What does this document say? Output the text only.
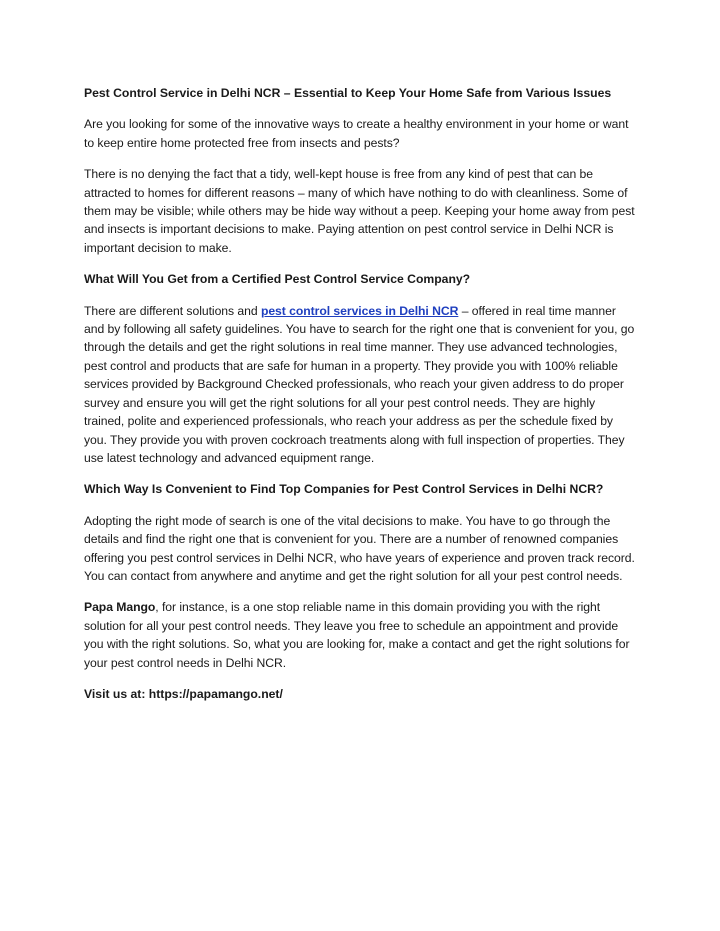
Pest Control Service in Delhi NCR – Essential to Keep Your Home Safe from Various Issues

Are you looking for some of the innovative ways to create a healthy environment in your home or want to keep entire home protected free from insects and pests?

There is no denying the fact that a tidy, well-kept house is free from any kind of pest that can be attracted to homes for different reasons – many of which have nothing to do with cleanliness. Some of them may be visible; while others may be hide way without a peep. Keeping your home away from pest and insects is important decisions to make. Paying attention on pest control service in Delhi NCR is important decision to make.

What Will You Get from a Certified Pest Control Service Company?

There are different solutions and pest control services in Delhi NCR – offered in real time manner and by following all safety guidelines. You have to search for the right one that is convenient for you, go through the details and get the right solutions in real time manner. They use advanced technologies, pest control and products that are safe for human in a property. They provide you with 100% reliable services provided by Background Checked professionals, who reach your given address to do proper survey and ensure you will get the right solutions for all your pest control needs. They are highly trained, polite and experienced professionals, who reach your address as per the schedule fixed by you. They provide you with proven cockroach treatments along with full inspection of properties. They use latest technology and advanced equipment range.

Which Way Is Convenient to Find Top Companies for Pest Control Services in Delhi NCR?

Adopting the right mode of search is one of the vital decisions to make. You have to go through the details and find the right one that is convenient for you. There are a number of renowned companies offering you pest control services in Delhi NCR, who have years of experience and proven track record. You can contact from anywhere and anytime and get the right solution for all your pest control needs.

Papa Mango, for instance, is a one stop reliable name in this domain providing you with the right solution for all your pest control needs. They leave you free to schedule an appointment and provide you with the right solutions. So, what you are looking for, make a contact and get the right solutions for your pest control needs in Delhi NCR.

Visit us at: https://papamango.net/
